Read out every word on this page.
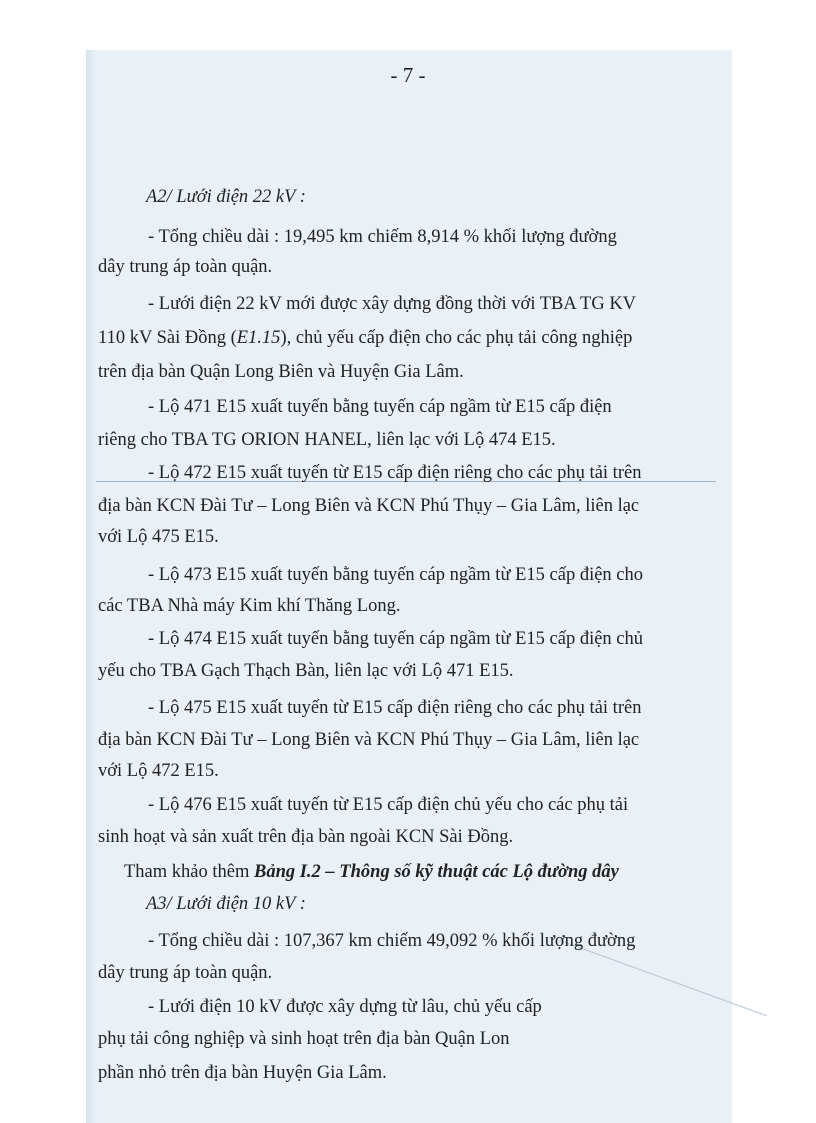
- 7 -
A2/ Lưới điện 22 kV :
- Tổng chiều dài : 19,495 km chiếm 8,914 % khối lượng đường
dây trung áp toàn quận.
- Lưới điện 22 kV mới được xây dựng đồng thời với TBA TG KV
110 kV Sài Đồng (E1.15), chủ yếu cấp điện cho các phụ tải công nghiệp
trên địa bàn Quận Long Biên và Huyện Gia Lâm.
- Lộ 471 E15 xuất tuyến bằng tuyến cáp ngầm từ E15 cấp điện
riêng cho TBA TG ORION HANEL, liên lạc với Lộ 474 E15.
- Lộ 472 E15 xuất tuyến từ E15 cấp điện riêng cho các phụ tải trên
địa bàn KCN Đài Tư – Long Biên và KCN Phú Thụy – Gia Lâm, liên lạc
với Lộ 475 E15.
- Lộ 473 E15 xuất tuyến bằng tuyến cáp ngầm từ E15 cấp điện cho
các TBA Nhà máy Kim khí Thăng Long.
- Lộ 474 E15 xuất tuyến bằng tuyến cáp ngầm từ E15 cấp điện chủ
yếu cho TBA Gạch Thạch Bàn, liên lạc với Lộ 471 E15.
- Lộ 475 E15 xuất tuyến từ E15 cấp điện riêng cho các phụ tải trên
địa bàn KCN Đài Tư – Long Biên và KCN Phú Thụy – Gia Lâm, liên lạc
với Lộ 472 E15.
- Lộ 476 E15 xuất tuyến từ E15 cấp điện chủ yếu cho các phụ tải
sinh hoạt và sản xuất trên địa bàn ngoài KCN Sài Đồng.
Tham khảo thêm Bảng I.2 – Thông số kỹ thuật các Lộ đường dây
A3/ Lưới điện 10 kV :
- Tổng chiều dài : 107,367 km chiếm 49,092 % khối lượng đường
dây trung áp toàn quận.
- Lưới điện 10 kV được xây dựng từ lâu, chủ yếu cấp
phụ tải công nghiệp và sinh hoạt trên địa bàn Quận Lon
phần nhỏ trên địa bàn Huyện Gia Lâm.
